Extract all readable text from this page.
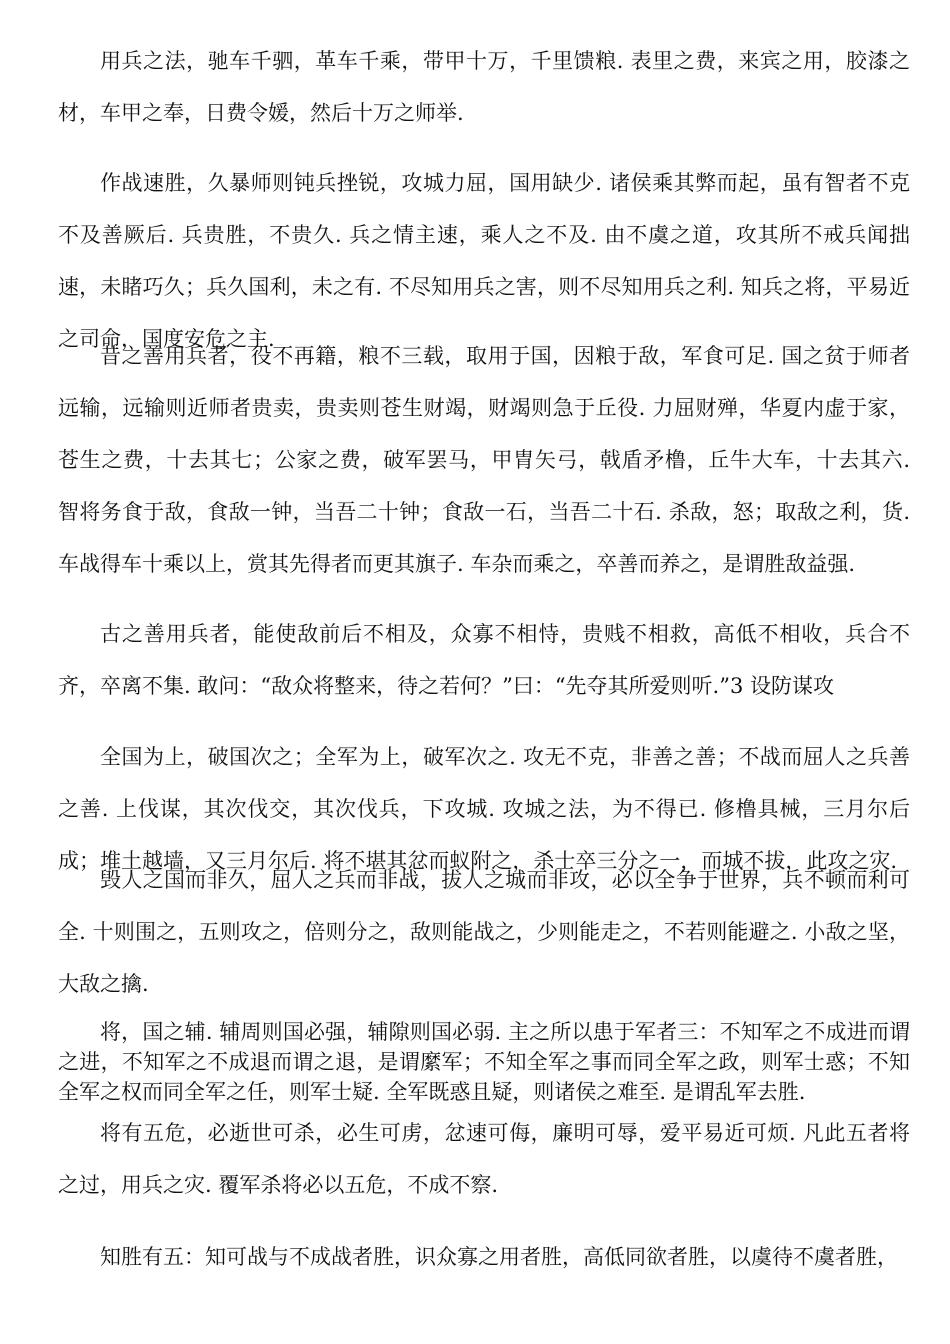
用兵之法，驰车千驷，革车千乘，带甲十万，千里馈粮. 表里之费，来宾之用，胶漆之材，车甲之奉，日费令媛，然后十万之师举.

作战速胜，久暴师则钝兵挫锐，攻城力屈，国用缺少. 诸侯乘其弊而起，虽有智者不克不及善厥后. 兵贵胜，不贵久. 兵之情主速，乘人之不及. 由不虞之道，攻其所不戒兵闻拙速，未睹巧久；兵久国利，未之有. 不尽知用兵之害，则不尽知用兵之利. 知兵之将，平易近之司命，国度安危之主.

昔之善用兵者，役不再籍，粮不三载，取用于国，因粮于敌，军食可足. 国之贫于师者远输，远输则近师者贵卖，贵卖则苍生财竭，财竭则急于丘役. 力屈财殚，华夏内虚于家，苍生之费，十去其七；公家之费，破军罢马，甲胄矢弓，戟盾矛橹，丘牛大车，十去其六. 智将务食于敌，食敌一钟，当吾二十钟；食敌一石，当吾二十石. 杀敌，怒；取敌之利，货. 车战得车十乘以上，赏其先得者而更其旗子. 车杂而乘之，卒善而养之，是谓胜敌益强.

古之善用兵者，能使敌前后不相及，众寡不相恃，贵贱不相救，高低不相收，兵合不齐，卒离不集. 敢问：“敌众将整来，待之若何？”曰：“先夺其所爱则听.”3 设防谋攻

全国为上，破国次之；全军为上，破军次之. 攻无不克，非善之善；不战而屈人之兵善之善. 上伐谋，其次伐交，其次伐兵，下攻城. 攻城之法，为不得已. 修橹具械，三月尔后成；堆土越墙，又三月尔后. 将不堪其忿而蚁附之，杀士卒三分之一，而城不拔，此攻之灾.

毁人之国而非久，屈人之兵而非战，拔人之城而非攻，必以全争于世界，兵不顿而利可全. 十则围之，五则攻之，倍则分之，敌则能战之，少则能走之，不若则能避之. 小敌之坚，大敌之擒.

将，国之辅. 辅周则国必强，辅隙则国必弱. 主之所以患于军者三：不知军之不成进而谓之进，不知军之不成退而谓之退，是谓縻军；不知全军之事而同全军之政，则军士惑；不知全军之权而同全军之任，则军士疑. 全军既惑且疑，则诸侯之难至. 是谓乱军去胜.

将有五危，必逝世可杀，必生可虏，忿速可侮，廉明可辱，爱平易近可烦. 凡此五者将之过，用兵之灾. 覆军杀将必以五危，不成不察.

知胜有五：知可战与不成战者胜，识众寡之用者胜，高低同欲者胜，以虞待不虞者胜，
